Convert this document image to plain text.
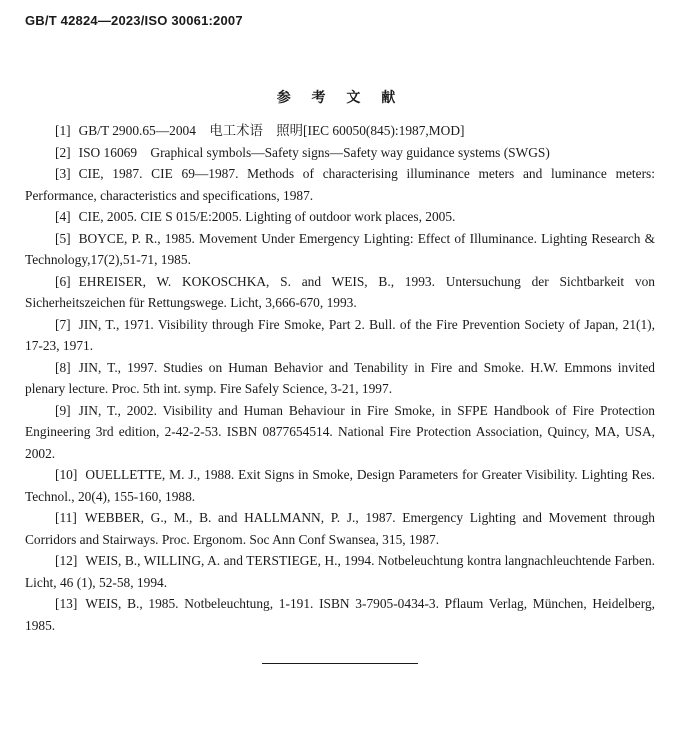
GB/T 42824—2023/ISO 30061:2007
参 考 文 献

[1] GB/T 2900.65—2004　电工术语　照明[IEC 60050(845):1987,MOD]

[2] ISO 16069　Graphical symbols—Safety signs—Safety way guidance systems (SWGS)

[3] CIE, 1987. CIE 69—1987. Methods of characterising illuminance meters and luminance meters: Performance, characteristics and specifications, 1987.

[4] CIE, 2005. CIE S 015/E:2005. Lighting of outdoor work places, 2005.

[5] BOYCE, P. R., 1985. Movement Under Emergency Lighting: Effect of Illuminance. Lighting Research & Technology,17(2),51-71, 1985.

[6] EHREISER, W. KOKOSCHKA, S. and WEIS, B., 1993. Untersuchung der Sichtbarkeit von Sicherheitszeichen für Rettungswege. Licht, 3,666-670, 1993.

[7] JIN, T., 1971. Visibility through Fire Smoke, Part 2. Bull. of the Fire Prevention Society of Japan, 21(1), 17-23, 1971.

[8] JIN, T., 1997. Studies on Human Behavior and Tenability in Fire and Smoke. H.W. Emmons invited plenary lecture. Proc. 5th int. symp. Fire Safely Science, 3-21, 1997.

[9] JIN, T., 2002. Visibility and Human Behaviour in Fire Smoke, in SFPE Handbook of Fire Protection Engineering 3rd edition, 2-42-2-53. ISBN 0877654514. National Fire Protection Association, Quincy, MA, USA, 2002.

[10] OUELLETTE, M. J., 1988. Exit Signs in Smoke, Design Parameters for Greater Visibility. Lighting Res. Technol., 20(4), 155-160, 1988.

[11] WEBBER, G., M., B. and HALLMANN, P. J., 1987. Emergency Lighting and Movement through Corridors and Stairways. Proc. Ergonom. Soc Ann Conf Swansea, 315, 1987.

[12] WEIS, B., WILLING, A. and TERSTIEGE, H., 1994. Notbeleuchtung kontra langnachleuchtende Farben. Licht, 46 (1), 52-58, 1994.

[13] WEIS, B., 1985. Notbeleuchtung, 1-191. ISBN 3-7905-0434-3. Pflaum Verlag, München, Heidelberg, 1985.
